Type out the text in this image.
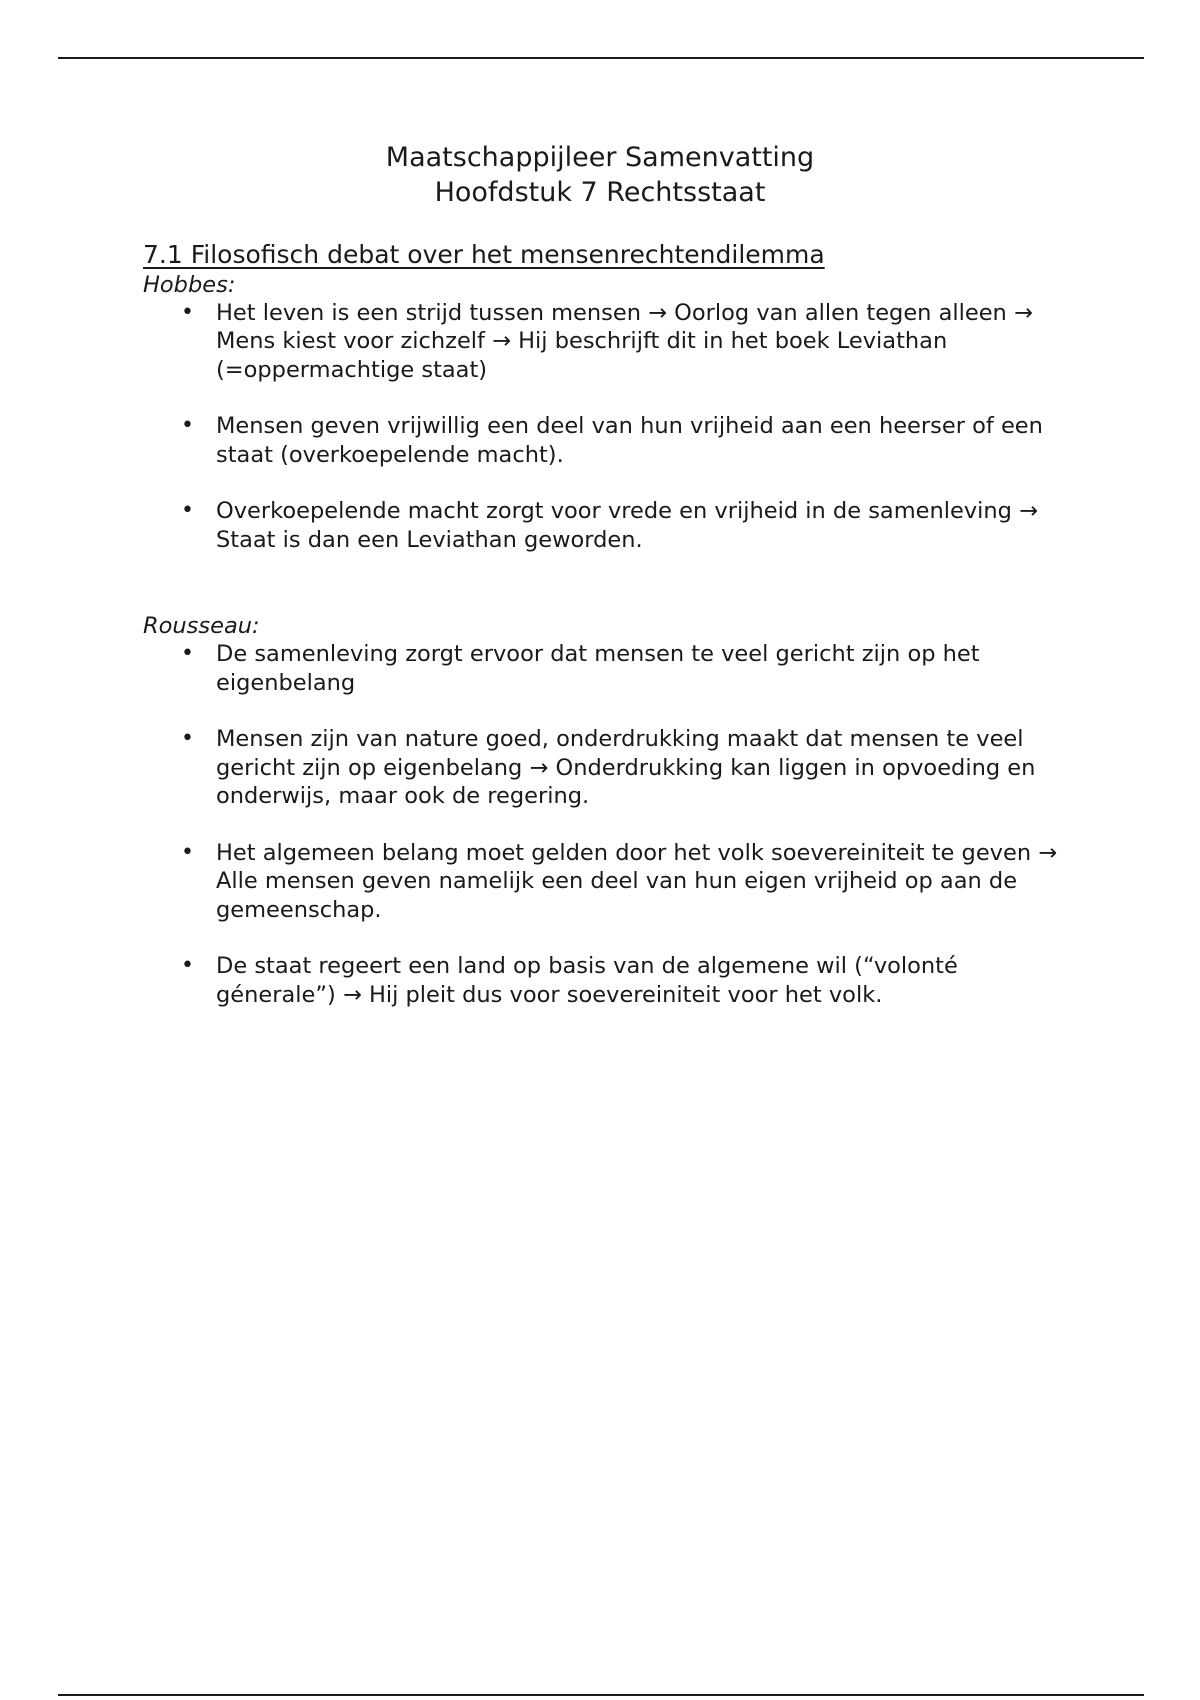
Maatschappijleer Samenvatting
Hoofdstuk 7 Rechtsstaat
7.1 Filosofisch debat over het mensenrechtendilemma
Hobbes:
• Het leven is een strijd tussen mensen → Oorlog van allen tegen alleen → Mens kiest voor zichzelf → Hij beschrijft dit in het boek Leviathan (=oppermachtige staat)
• Mensen geven vrijwillig een deel van hun vrijheid aan een heerser of een staat (overkoepelende macht).
• Overkoepelende macht zorgt voor vrede en vrijheid in de samenleving → Staat is dan een Leviathan geworden.
Rousseau:
• De samenleving zorgt ervoor dat mensen te veel gericht zijn op het eigenbelang
• Mensen zijn van nature goed, onderdrukking maakt dat mensen te veel gericht zijn op eigenbelang → Onderdrukking kan liggen in opvoeding en onderwijs, maar ook de regering.
• Het algemeen belang moet gelden door het volk soevereiniteit te geven → Alle mensen geven namelijk een deel van hun eigen vrijheid op aan de gemeenschap.
• De staat regeert een land op basis van de algemene wil (“volonté génerale”) → Hij pleit dus voor soevereiniteit voor het volk.
